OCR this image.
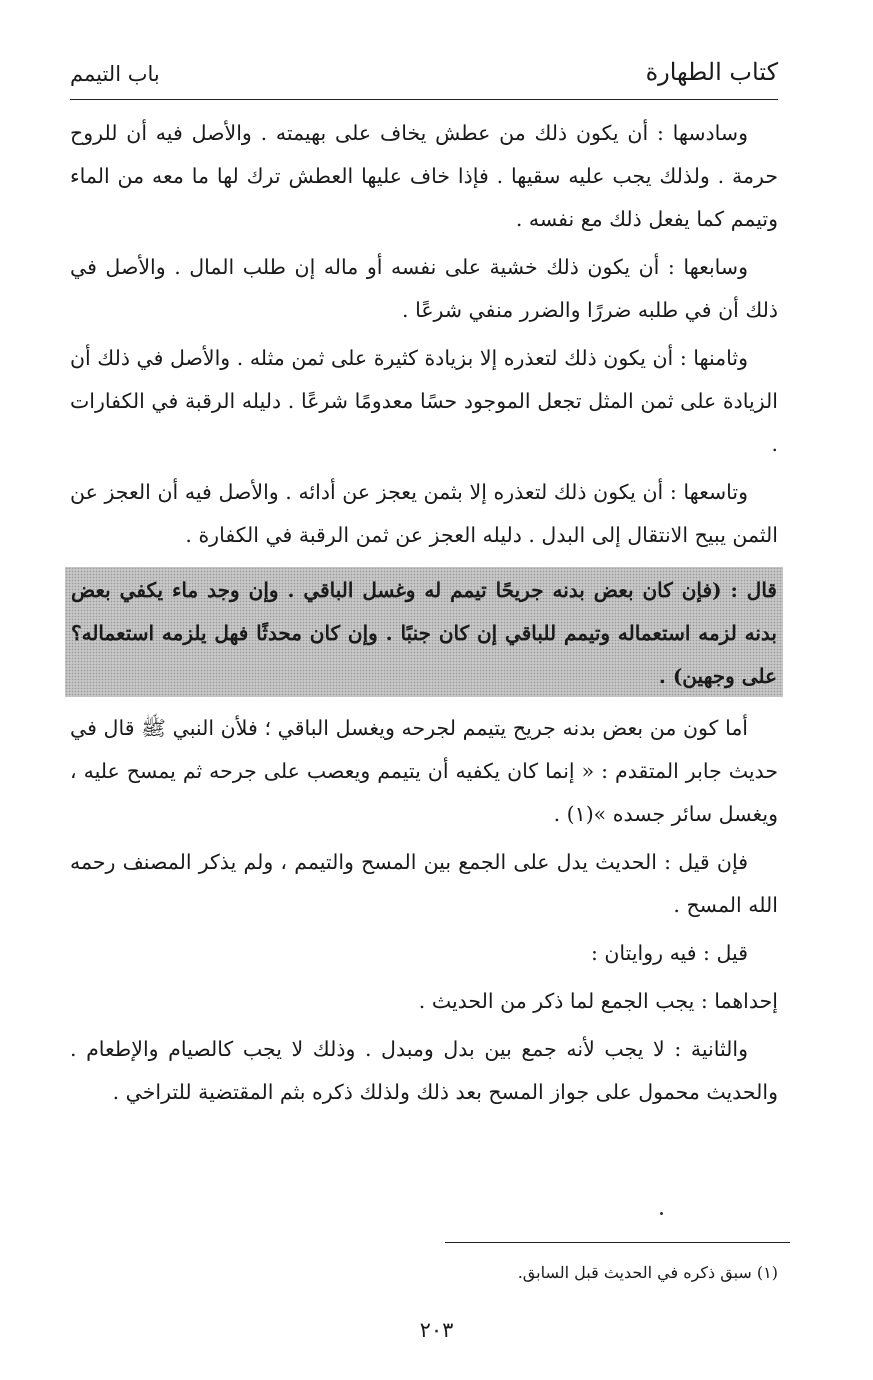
كتاب الطهارة
باب التيمم

وسادسها : أن يكون ذلك من عطش يخاف على بهيمته . والأصل فيه أن للروح حرمة . ولذلك يجب عليه سقيها . فإذا خاف عليها العطش ترك لها ما معه من الماء وتيمم كما يفعل ذلك مع نفسه .

وسابعها : أن يكون ذلك خشية على نفسه أو ماله إن طلب المال . والأصل في ذلك أن في طلبه ضررًا والضرر منفي شرعًا .

وثامنها : أن يكون ذلك لتعذره إلا بزيادة كثيرة على ثمن مثله . والأصل في ذلك أن الزيادة على ثمن المثل تجعل الموجود حسًا معدومًا شرعًا . دليله الرقبة في الكفارات .

وتاسعها : أن يكون ذلك لتعذره إلا بثمن يعجز عن أدائه . والأصل فيه أن العجز عن الثمن يبيح الانتقال إلى البدل . دليله العجز عن ثمن الرقبة في الكفارة .

قال : (فإن كان بعض بدنه جريحًا تيمم له وغسل الباقي . وإن وجد ماء يكفي بعض بدنه لزمه استعماله وتيمم للباقي إن كان جنبًا . وإن كان محدثًا فهل يلزمه استعماله؟ على وجهين) .

أما كون من بعض بدنه جريح يتيمم لجرحه ويغسل الباقي ؛ فلأن النبي ﷺ قال في حديث جابر المتقدم : « إنما كان يكفيه أن يتيمم ويعصب على جرحه ثم يمسح عليه ، ويغسل سائر جسده »(١) .

فإن قيل : الحديث يدل على الجمع بين المسح والتيمم ، ولم يذكر المصنف رحمه الله المسح .

قيل : فيه روايتان :

إحداهما : يجب الجمع لما ذكر من الحديث .

والثانية : لا يجب لأنه جمع بين بدل ومبدل . وذلك لا يجب كالصيام والإطعام . والحديث محمول على جواز المسح بعد ذلك ولذلك ذكره بثم المقتضية للتراخي .

(١) سبق ذكره في الحديث قبل السابق.
٢٠٣
